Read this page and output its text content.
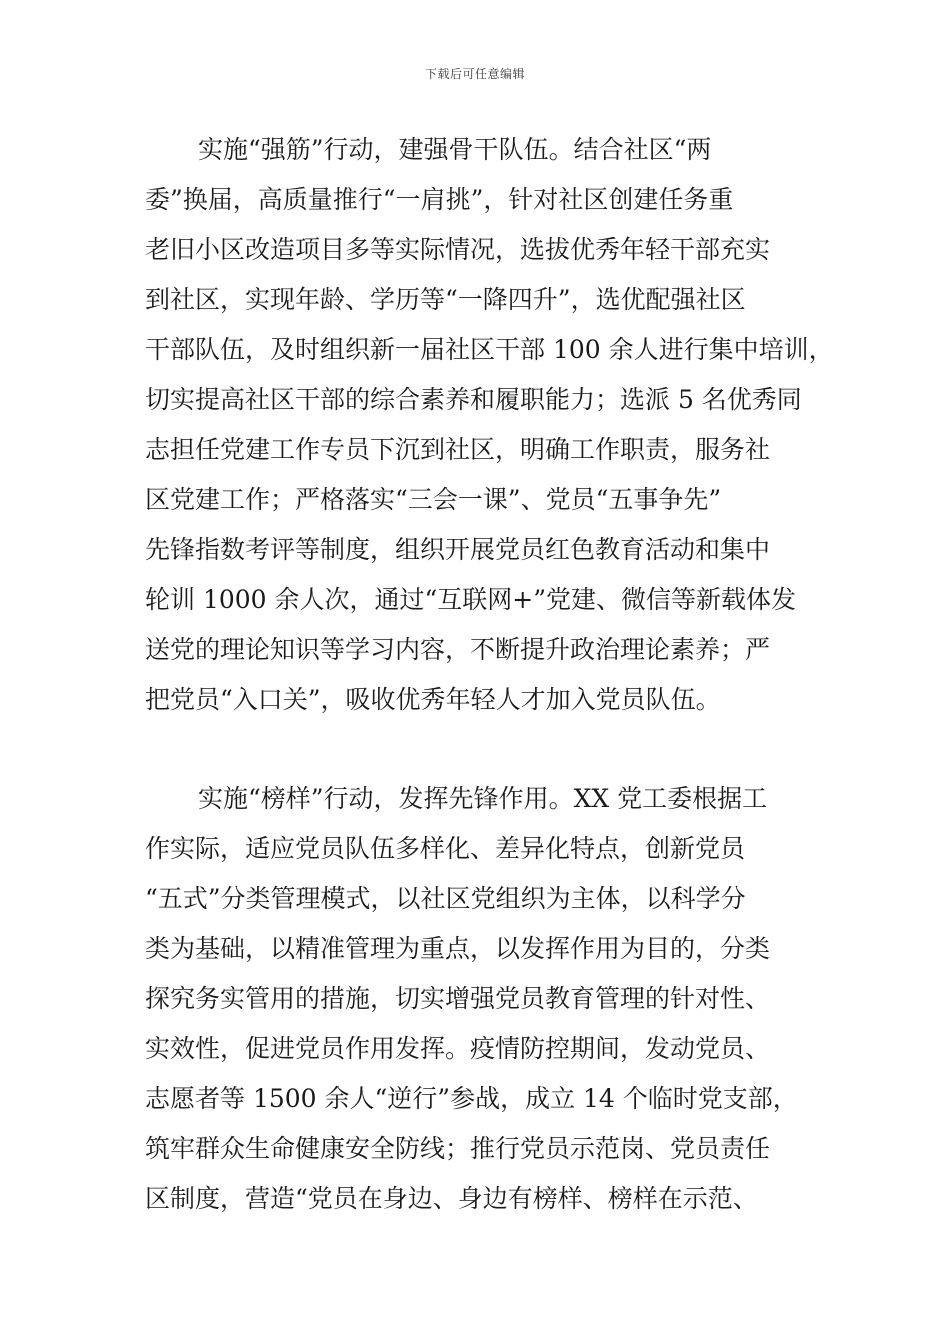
下载后可任意编辑
实施“强筋”行动，建强骨干队伍。结合社区“两
委”换届，高质量推行“一肩挑”，针对社区创建任务重
老旧小区改造项目多等实际情况，选拔优秀年轻干部充实
到社区，实现年龄、学历等“一降四升”，选优配强社区
干部队伍，及时组织新一届社区干部 100 余人进行集中培训，
切实提高社区干部的综合素养和履职能力；选派 5 名优秀同
志担任党建工作专员下沉到社区，明确工作职责，服务社
区党建工作；严格落实“三会一课”、党员“五事争先”
先锋指数考评等制度，组织开展党员红色教育活动和集中
轮训 1000 余人次，通过“互联网+”党建、微信等新载体发
送党的理论知识等学习内容，不断提升政治理论素养；严
把党员“入口关”，吸收优秀年轻人才加入党员队伍。
实施“榜样”行动，发挥先锋作用。XX 党工委根据工
作实际，适应党员队伍多样化、差异化特点，创新党员
“五式”分类管理模式，以社区党组织为主体，以科学分
类为基础，以精准管理为重点，以发挥作用为目的，分类
探究务实管用的措施，切实增强党员教育管理的针对性、
实效性，促进党员作用发挥。疫情防控期间，发动党员、
志愿者等 1500 余人“逆行”参战，成立 14 个临时党支部，
筑牢群众生命健康安全防线；推行党员示范岗、党员责任
区制度，营造“党员在身边、身边有榜样、榜样在示范、
